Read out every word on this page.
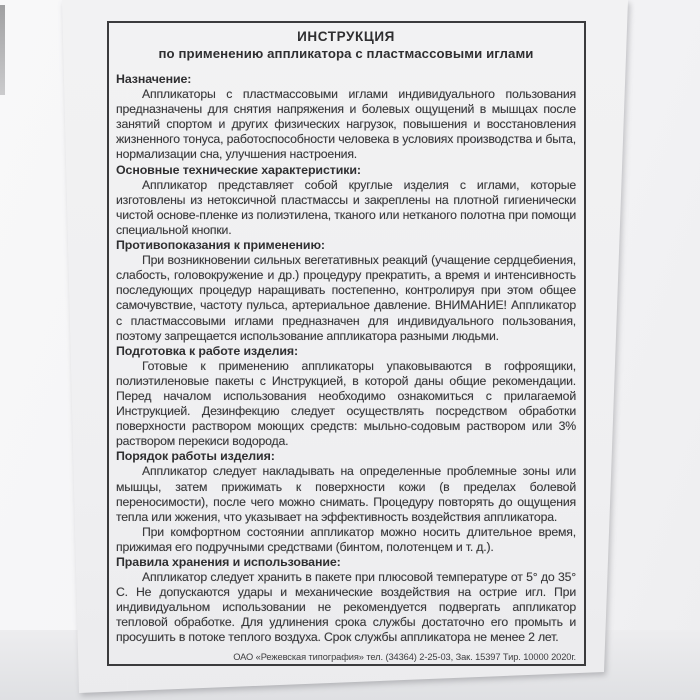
ИНСТРУКЦИЯ
по применению аппликатора с пластмассовыми иглами
Назначение:

Аппликаторы с пластмассовыми иглами индивидуального пользования предназначены для снятия напряжения и болевых ощущений в мышцах после занятий спортом и других физических нагрузок, повышения и восстановления жизненного тонуса, работоспособности человека в условиях производства и быта, нормализации сна, улучшения настроения.

Основные технические характеристики:

Аппликатор представляет собой круглые изделия с иглами, которые изготовлены из нетоксичной пластмассы и закреплены на плотной гигиенически чистой основе-пленке из полиэтилена, тканого или нетканого полотна при помощи специальной кнопки.

Противопоказания к применению:

При возникновении сильных вегетативных реакций (учащение сердцебиения, слабость, головокружение и др.) процедуру прекратить, а время и интенсивность последующих процедур наращивать постепенно, контролируя при этом общее самочувствие, частоту пульса, артериальное давление. ВНИМАНИЕ! Аппликатор с пластмассовыми иглами предназначен для индивидуального пользования, поэтому запрещается использование аппликатора разными людьми.

Подготовка к работе изделия:

Готовые к применению аппликаторы упаковываются в гофроящики, полиэтиленовые пакеты с Инструкцией, в которой даны общие рекомендации. Перед началом использования необходимо ознакомиться с прилагаемой Инструкцией. Дезинфекцию следует осуществлять посредством обработки поверхности раствором моющих средств: мыльно-содовым раствором или 3% раствором перекиси водорода.

Порядок работы изделия:

Аппликатор следует накладывать на определенные проблемные зоны или мышцы, затем прижимать к поверхности кожи (в пределах болевой переносимости), после чего можно снимать. Процедуру повторять до ощущения тепла или жжения, что указывает на эффективность воздействия аппликатора.

При комфортном состоянии аппликатор можно носить длительное время, прижимая его подручными средствами (бинтом, полотенцем и т. д.).

Правила хранения и использование:

Аппликатор следует хранить в пакете при плюсовой температуре от 5° до 35° С. Не допускаются удары и механические воздействия на острие игл. При индивидуальном использовании не рекомендуется подвергать аппликатор тепловой обработке. Для удлинения срока службы достаточно его промыть и просушить в потоке теплого воздуха. Срок службы аппликатора не менее 2 лет.

ОАО «Режевская типография» тел. (34364) 2-25-03, Зак. 15397 Тир. 10000 2020г.
